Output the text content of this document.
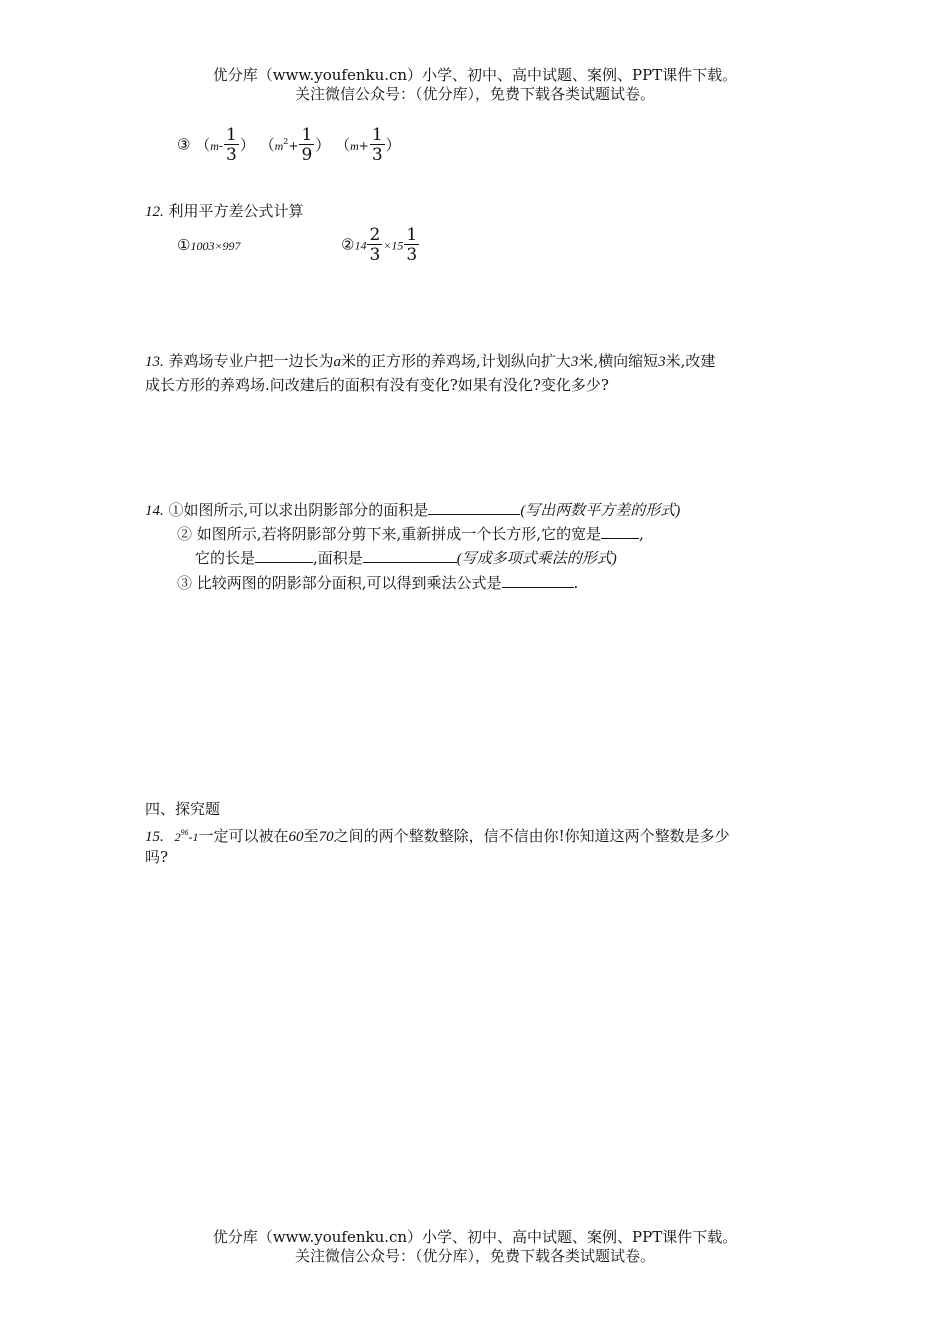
优分库（www.youfenku.cn）小学、初中、高中试题、案例、PPT课件下载。
关注微信公众号：（优分库），免费下载各类试题试卷。
③ （$m- \frac{1}{3}$ ） （$m^2+ \frac{1}{9}$ ） （$m+ \frac{1}{3}$ ）
12. 利用平方差公式计算
①1003×997	②14 $\frac{2}{3} \times 15 \frac{1}{3}$
13. 养鸡场专业户把一边长为a米的正方形的养鸡场,计划纵向扩大3米,横向缩短3米,改建
成长方形的养鸡场.问改建后的面积有没有变化?如果有没化?变化多少?
14. ①如图所示,可以求出阴影部分的面积是	(写出两数平方差的形式)
② 如图所示,若将阴影部分剪下来,重新拼成一个长方形,它的宽是	,
它的长是	,面积是	(写成多项式乘法的形式)
③ 比较两图的阴影部分面积,可以得到乘法公式是	.
四、探究题
15. $2^{96}-1$一定可以被在60至70之间的两个整数整除，信不信由你!你知道这两个整数是多少
吗?
优分库（www.youfenku.cn）小学、初中、高中试题、案例、PPT课件下载。
关注微信公众号：（优分库），免费下载各类试题试卷。
